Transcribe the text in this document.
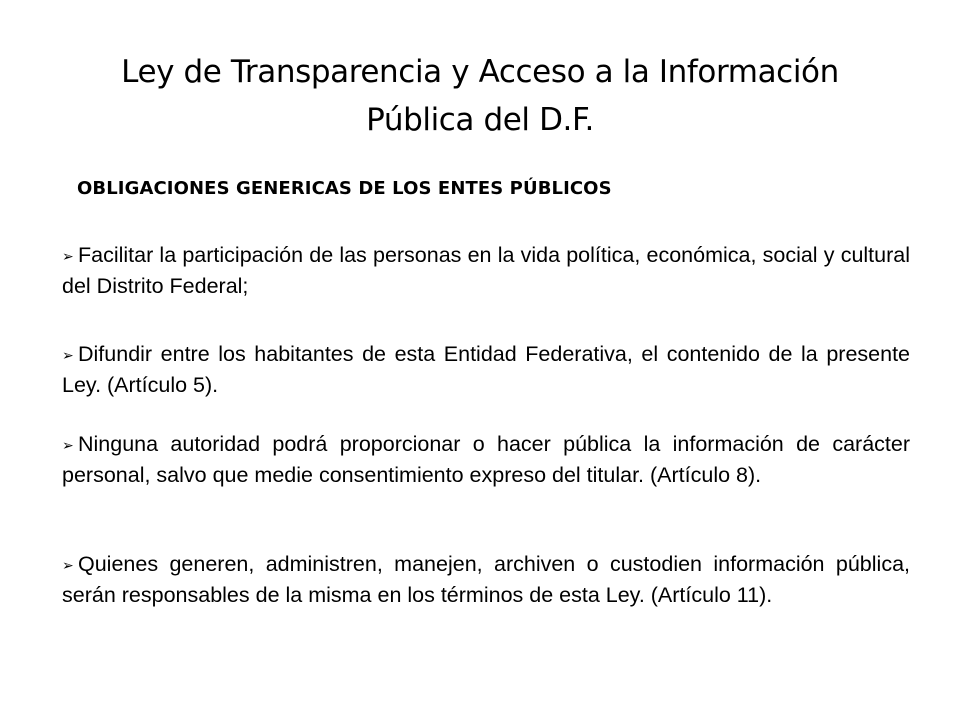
Ley de Transparencia y Acceso a la Información Pública del D.F.
OBLIGACIONES GENERICAS DE LOS ENTES PÚBLICOS

➢ Facilitar la participación de las personas en la vida política, económica, social y cultural del Distrito Federal;

➢ Difundir entre los habitantes de esta Entidad Federativa, el contenido de la presente Ley. (Artículo 5).

➢ Ninguna autoridad podrá proporcionar o hacer pública la información de carácter personal, salvo que medie consentimiento expreso del titular. (Artículo 8).

➢ Quienes generen, administren, manejen, archiven o custodien información pública, serán responsables de la misma en los términos de esta Ley. (Artículo 11).
